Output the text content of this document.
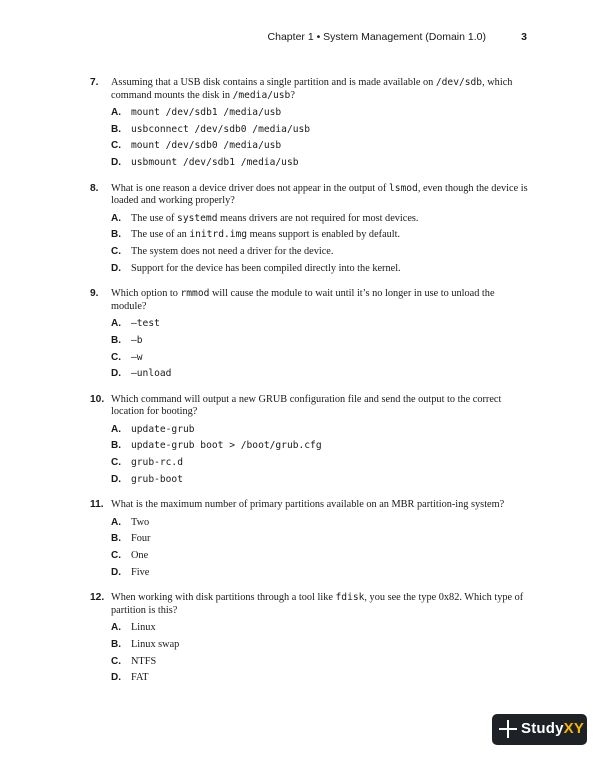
Chapter 1 • System Management (Domain 1.0)	3
7. Assuming that a USB disk contains a single partition and is made available on /dev/sdb, which command mounts the disk in /media/usb?
A. mount /dev/sdb1 /media/usb
B. usbconnect /dev/sdb0 /media/usb
C. mount /dev/sdb0 /media/usb
D. usbmount /dev/sdb1 /media/usb
8. What is one reason a device driver does not appear in the output of lsmod, even though the device is loaded and working properly?
A. The use of systemd means drivers are not required for most devices.
B. The use of an initrd.img means support is enabled by default.
C. The system does not need a driver for the device.
D. Support for the device has been compiled directly into the kernel.
9. Which option to rmmod will cause the module to wait until it’s no longer in use to unload the module?
A. –test
B. –b
C. –w
D. –unload
10. Which command will output a new GRUB configuration file and send the output to the correct location for booting?
A. update-grub
B. update-grub boot > /boot/grub.cfg
C. grub-rc.d
D. grub-boot
11. What is the maximum number of primary partitions available on an MBR partition-ing system?
A. Two
B. Four
C. One
D. Five
12. When working with disk partitions through a tool like fdisk, you see the type 0x82. Which type of partition is this?
A. Linux
B. Linux swap
C. NTFS
D. FAT
StudyXY
